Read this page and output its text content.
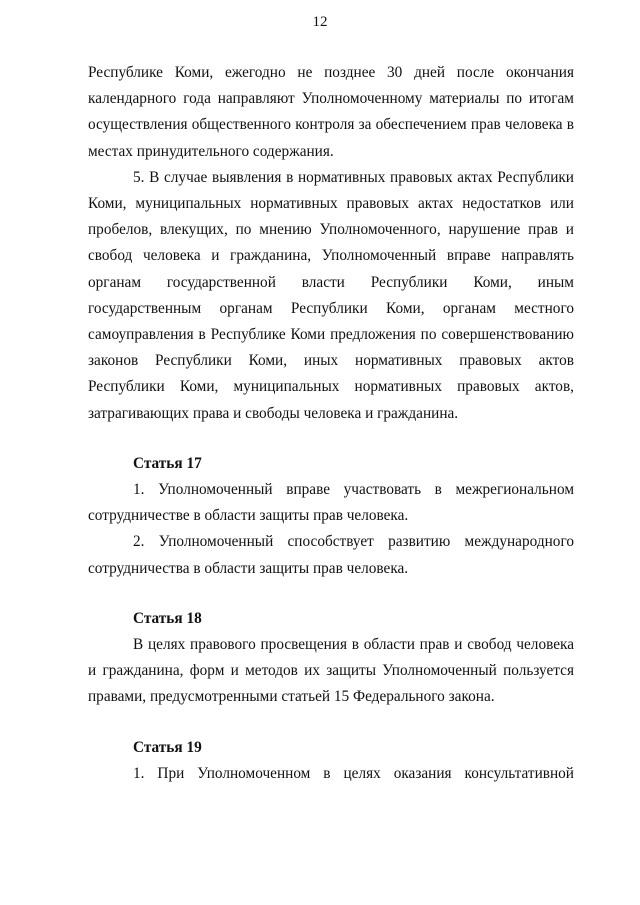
12

Республике Коми, ежегодно не позднее 30 дней после окончания календарного года направляют Уполномоченному материалы по итогам осуществления общественного контроля за обеспечением прав человека в местах принудительного содержания.

5. В случае выявления в нормативных правовых актах Республики Коми, муниципальных нормативных правовых актах недостатков или пробелов, влекущих, по мнению Уполномоченного, нарушение прав и свобод человека и гражданина, Уполномоченный вправе направлять органам государственной власти Республики Коми, иным государственным органам Республики Коми, органам местного самоуправления в Республике Коми предложения по совершенствованию законов Республики Коми, иных нормативных правовых актов Республики Коми, муниципальных нормативных правовых актов, затрагивающих права и свободы человека и гражданина.

Статья 17

1. Уполномоченный вправе участвовать в межрегиональном сотрудничестве в области защиты прав человека.

2. Уполномоченный способствует развитию международного сотрудничества в области защиты прав человека.

Статья 18

В целях правового просвещения в области прав и свобод человека и гражданина, форм и методов их защиты Уполномоченный пользуется правами, предусмотренными статьей 15 Федерального закона.

Статья 19

1. При Уполномоченном в целях оказания консультативной
